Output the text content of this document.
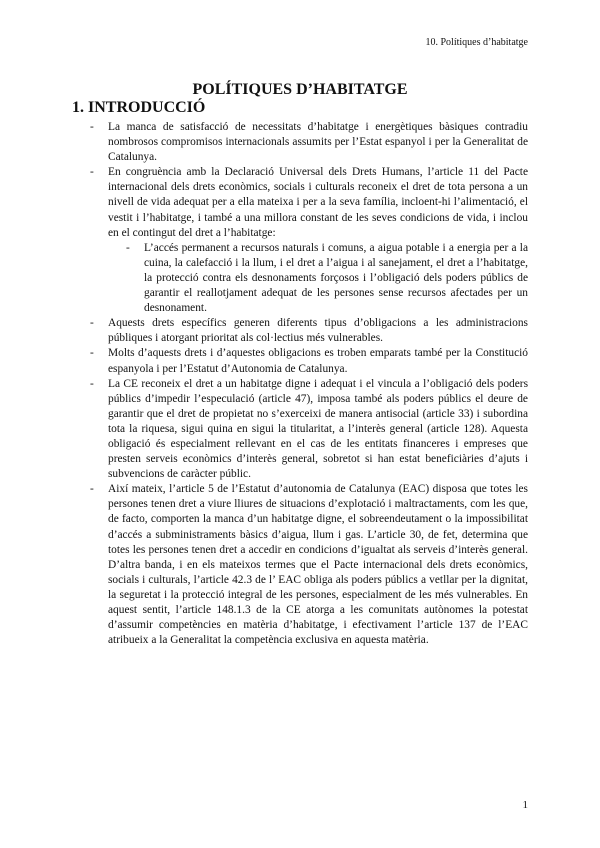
10. Polítiques d’habitatge
POLÍTIQUES D’HABITATGE
1. INTRODUCCIÓ
- La manca de satisfacció de necessitats d’habitatge i energètiques bàsiques contradiu nombrosos compromisos internacionals assumits per l’Estat espanyol i per la Generalitat de Catalunya.
- En congruència amb la Declaració Universal dels Drets Humans, l’article 11 del Pacte internacional dels drets econòmics, socials i culturals reconeix el dret de tota persona a un nivell de vida adequat per a ella mateixa i per a la seva família, incloent-hi l’alimentació, el vestit i l’habitatge, i també a una millora constant de les seves condicions de vida, i inclou en el contingut del dret a l’habitatge:
- L’accés permanent a recursos naturals i comuns, a aigua potable i a energia per a la cuina, la calefacció i la llum, i el dret a l’aigua i al sanejament, el dret a l’habitatge, la protecció contra els desnonaments forçosos i l’obligació dels poders públics de garantir el reallotjament adequat de les persones sense recursos afectades per un desnonament.
- Aquests drets específics generen diferents tipus d’obligacions a les administracions públiques i atorgant prioritat als col·lectius més vulnerables.
- Molts d’aquests drets i d’aquestes obligacions es troben emparats també per la Constitució espanyola i per l’Estatut d’Autonomia de Catalunya.
- La CE reconeix el dret a un habitatge digne i adequat i el vincula a l’obligació dels poders públics d’impedir l’especulació (article 47), imposa també als poders públics el deure de garantir que el dret de propietat no s’exerceixi de manera antisocial (article 33) i subordina tota la riquesa, sigui quina en sigui la titularitat, a l’interès general (article 128). Aquesta obligació és especialment rellevant en el cas de les entitats financeres i empreses que presten serveis econòmics d’interès general, sobretot si han estat beneficiàries d’ajuts i subvencions de caràcter públic.
- Així mateix, l’article 5 de l’Estatut d’autonomia de Catalunya (EAC) disposa que totes les persones tenen dret a viure lliures de situacions d’explotació i maltractaments, com les que, de facto, comporten la manca d’un habitatge digne, el sobreendeutament o la impossibilitat d’accés a subministraments bàsics d’aigua, llum i gas. L’article 30, de fet, determina que totes les persones tenen dret a accedir en condicions d’igualtat als serveis d’interès general. D’altra banda, i en els mateixos termes que el Pacte internacional dels drets econòmics, socials i culturals, l’article 42.3 de l’ EAC obliga als poders públics a vetllar per la dignitat, la seguretat i la protecció integral de les persones, especialment de les més vulnerables. En aquest sentit, l’article 148.1.3 de la CE atorga a les comunitats autònomes la potestat d’assumir competències en matèria d’habitatge, i efectivament l’article 137 de l’EAC atribueix a la Generalitat la competència exclusiva en aquesta matèria.
1
